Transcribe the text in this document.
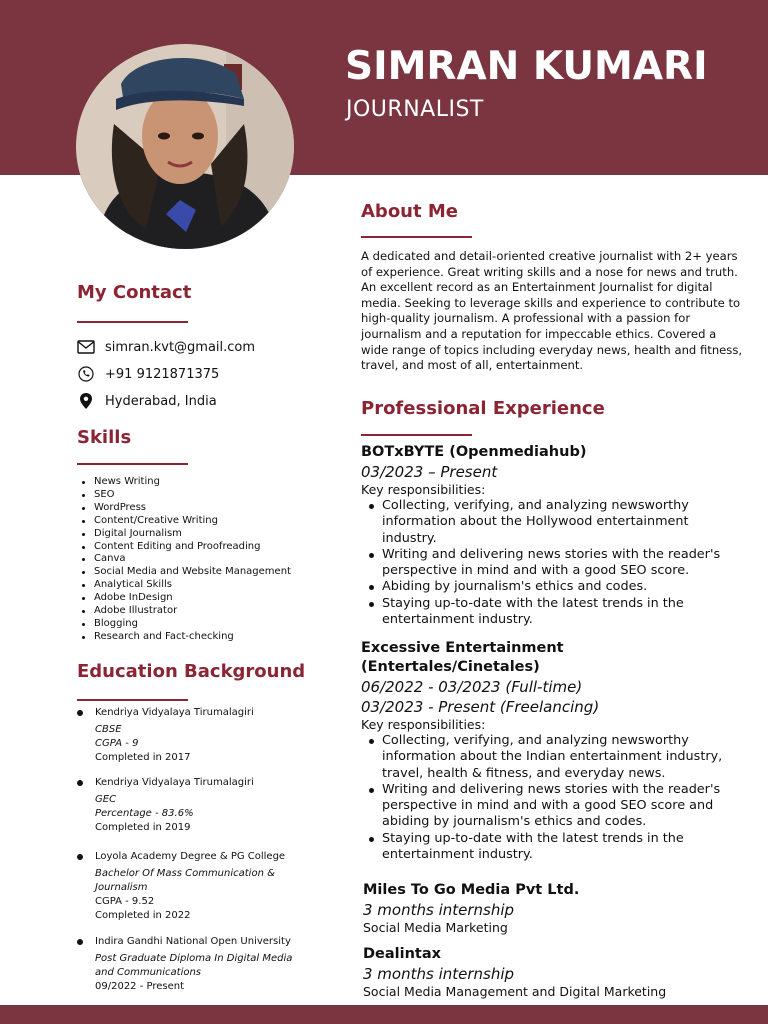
SIMRAN KUMARI
JOURNALIST
My Contact
simran.kvt@gmail.com
+91 9121871375
Hyderabad, India
Skills
News Writing
SEO
WordPress
Content/Creative Writing
Digital Journalism
Content Editing and Proofreading
Canva
Social Media and Website Management
Analytical Skills
Adobe InDesign
Adobe Illustrator
Blogging
Research and Fact-checking
Education Background
Kendriya Vidyalaya Tirumalagiri
CBSE
CGPA - 9
Completed in 2017
Kendriya Vidyalaya Tirumalagiri
GEC
Percentage - 83.6%
Completed in 2019
Loyola Academy Degree & PG College
Bachelor Of Mass Communication & Journalism
CGPA - 9.52
Completed in 2022
Indira Gandhi National Open University
Post Graduate Diploma In Digital Media and Communications
09/2022 - Present
About Me
A dedicated and detail-oriented creative journalist with 2+ years of experience. Great writing skills and a nose for news and truth. An excellent record as an Entertainment Journalist for digital media. Seeking to leverage skills and experience to contribute to high-quality journalism. A professional with a passion for journalism and a reputation for impeccable ethics. Covered a wide range of topics including everyday news, health and fitness, travel, and most of all, entertainment.
Professional Experience
BOTxBYTE (Openmediahub)
03/2023 – Present
Key responsibilities:
Collecting, verifying, and analyzing newsworthy information about the Hollywood entertainment industry.
Writing and delivering news stories with the reader's perspective in mind and with a good SEO score.
Abiding by journalism's ethics and codes.
Staying up-to-date with the latest trends in the entertainment industry.
Excessive Entertainment (Entertales/Cinetales)
06/2022 - 03/2023 (Full-time)
03/2023 - Present (Freelancing)
Key responsibilities:
Collecting, verifying, and analyzing newsworthy information about the Indian entertainment industry, travel, health & fitness, and everyday news.
Writing and delivering news stories with the reader's perspective in mind and with a good SEO score and abiding by journalism's ethics and codes.
Staying up-to-date with the latest trends in the entertainment industry.
Miles To Go Media Pvt Ltd.
3 months internship
Social Media Marketing
Dealintax
3 months internship
Social Media Management and Digital Marketing
